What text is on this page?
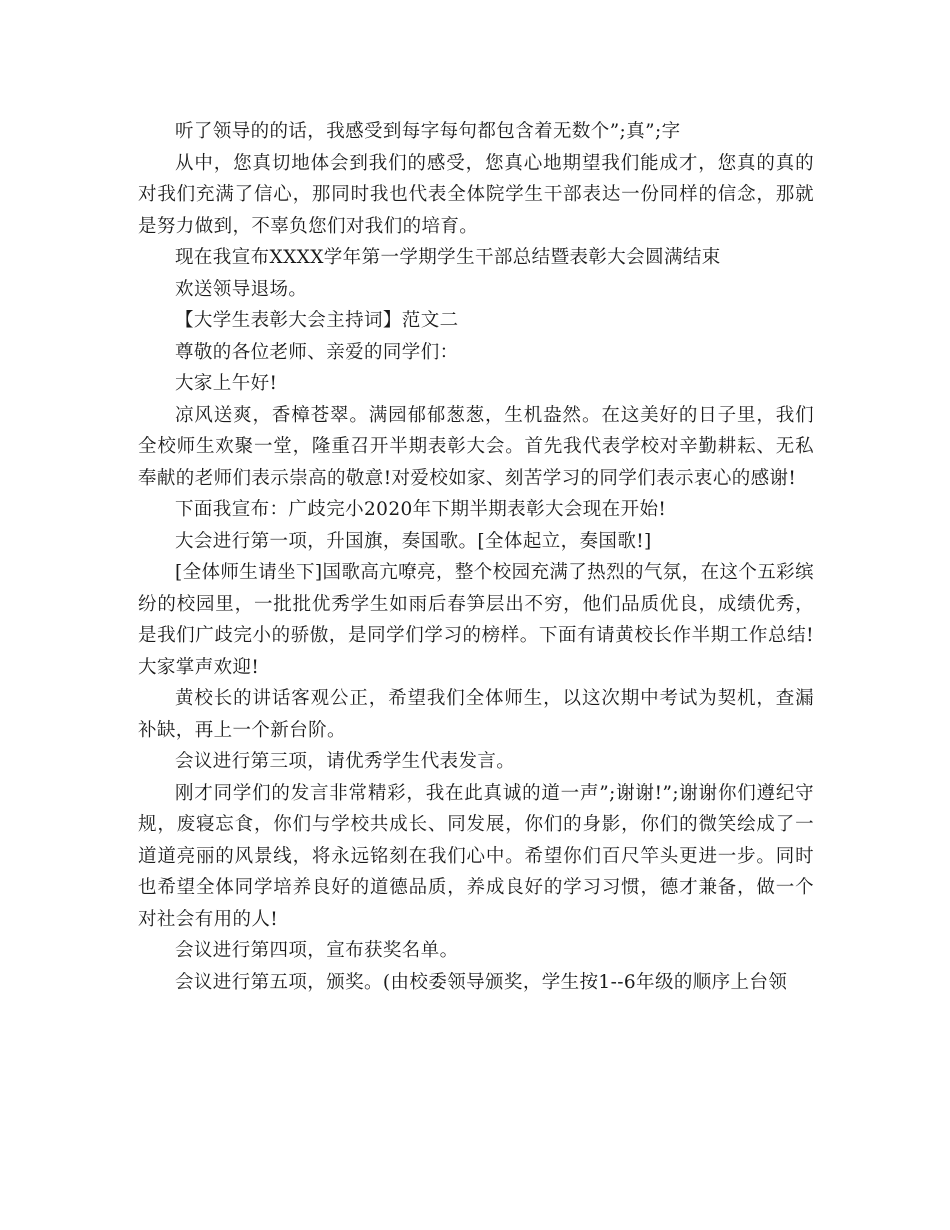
听了领导的的话，我感受到每字每句都包含着无数个”;真”;字

从中，您真切地体会到我们的感受，您真心地期望我们能成才，您真的真的对我们充满了信心，那同时我也代表全体院学生干部表达一份同样的信念，那就是努力做到，不辜负您们对我们的培育。

现在我宣布XXXX学年第一学期学生干部总结暨表彰大会圆满结束

欢送领导退场。

【大学生表彰大会主持词】范文二

尊敬的各位老师、亲爱的同学们：

大家上午好!

凉风送爽，香樟苍翠。满园郁郁葱葱，生机盎然。在这美好的日子里，我们全校师生欢聚一堂，隆重召开半期表彰大会。首先我代表学校对辛勤耕耘、无私奉献的老师们表示崇高的敬意!对爱校如家、刻苦学习的同学们表示衷心的感谢!

下面我宣布：广歧完小2020年下期半期表彰大会现在开始!

大会进行第一项，升国旗，奏国歌。[全体起立，奏国歌!]

[全体师生请坐下]国歌高亢嘹亮，整个校园充满了热烈的气氛，在这个五彩缤纷的校园里，一批批优秀学生如雨后春笋层出不穷，他们品质优良，成绩优秀，是我们广歧完小的骄傲，是同学们学习的榜样。下面有请黄校长作半期工作总结!大家掌声欢迎!

黄校长的讲话客观公正，希望我们全体师生，以这次期中考试为契机，查漏补缺，再上一个新台阶。

会议进行第三项，请优秀学生代表发言。

刚才同学们的发言非常精彩，我在此真诚的道一声”;谢谢!”;谢谢你们遵纪守规，废寝忘食，你们与学校共成长、同发展，你们的身影，你们的微笑绘成了一道道亮丽的风景线，将永远铭刻在我们心中。希望你们百尺竿头更进一步。同时也希望全体同学培养良好的道德品质，养成良好的学习习惯，德才兼备，做一个对社会有用的人!

会议进行第四项，宣布获奖名单。

会议进行第五项，颁奖。(由校委领导颁奖，学生按1--6年级的顺序上台领
